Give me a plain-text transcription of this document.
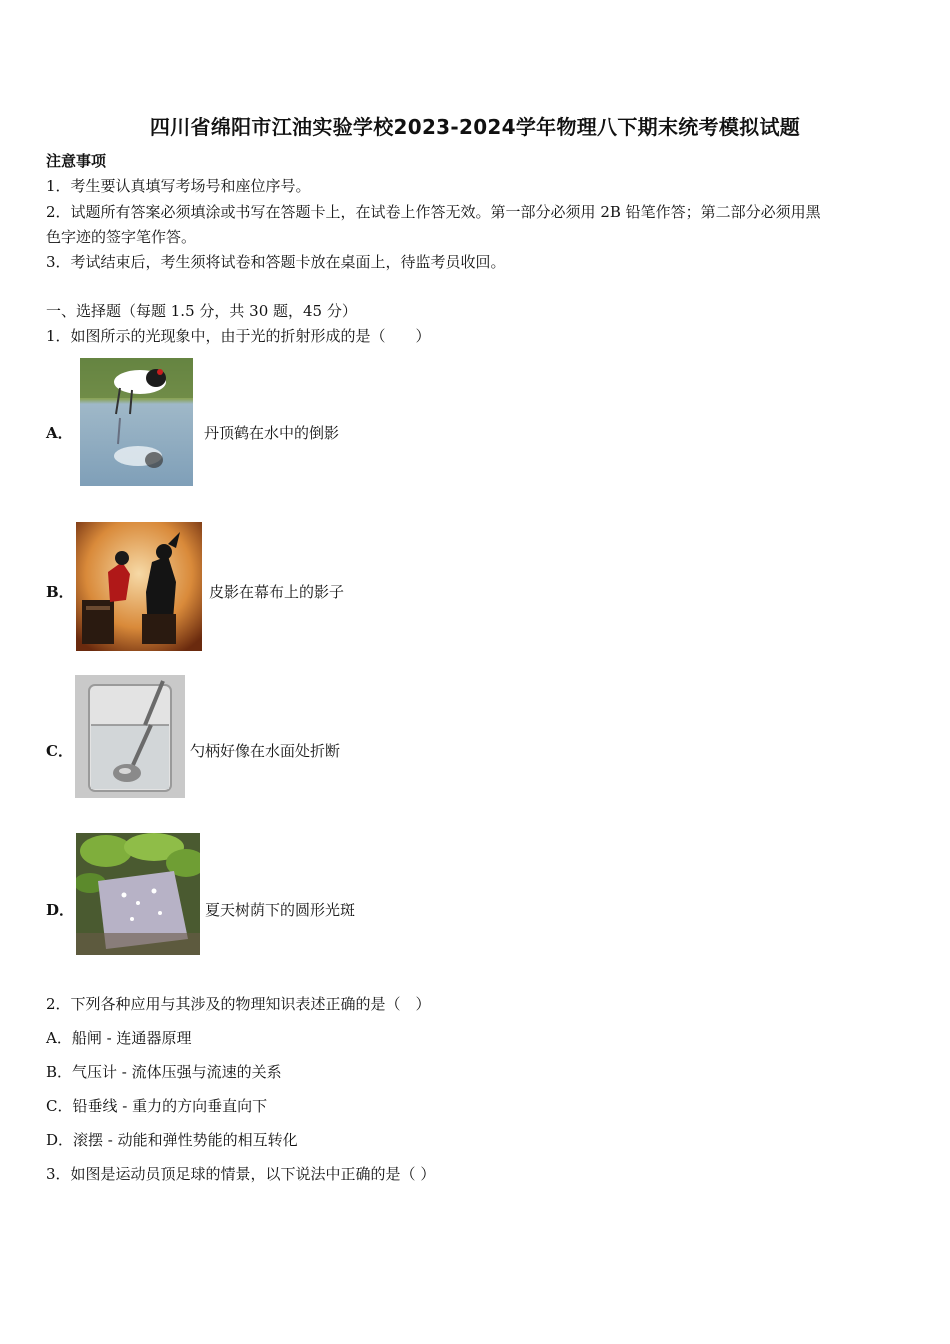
四川省绵阳市江油实验学校2023-2024学年物理八下期末统考模拟试题
注意事项
1．考生要认真填写考场号和座位序号。
2．试题所有答案必须填涂或书写在答题卡上，在试卷上作答无效。第一部分必须用 2B 铅笔作答；第二部分必须用黑
色字迹的签字笔作答。
3．考试结束后，考生须将试卷和答题卡放在桌面上，待监考员收回。
一、选择题（每题 1.5 分，共 30 题，45 分）
1．如图所示的光现象中，由于光的折射形成的是（　　）
A．	丹顶鹤在水中的倒影
B．	皮影在幕布上的影子
C．	勺柄好像在水面处折断
D．	夏天树荫下的圆形光斑
2．下列各种应用与其涉及的物理知识表述正确的是（　）
A．船闸 - 连通器原理
B．气压计 - 流体压强与流速的关系
C．铅垂线 - 重力的方向垂直向下
D．滚摆 - 动能和弹性势能的相互转化
3．如图是运动员顶足球的情景，以下说法中正确的是（ ）
